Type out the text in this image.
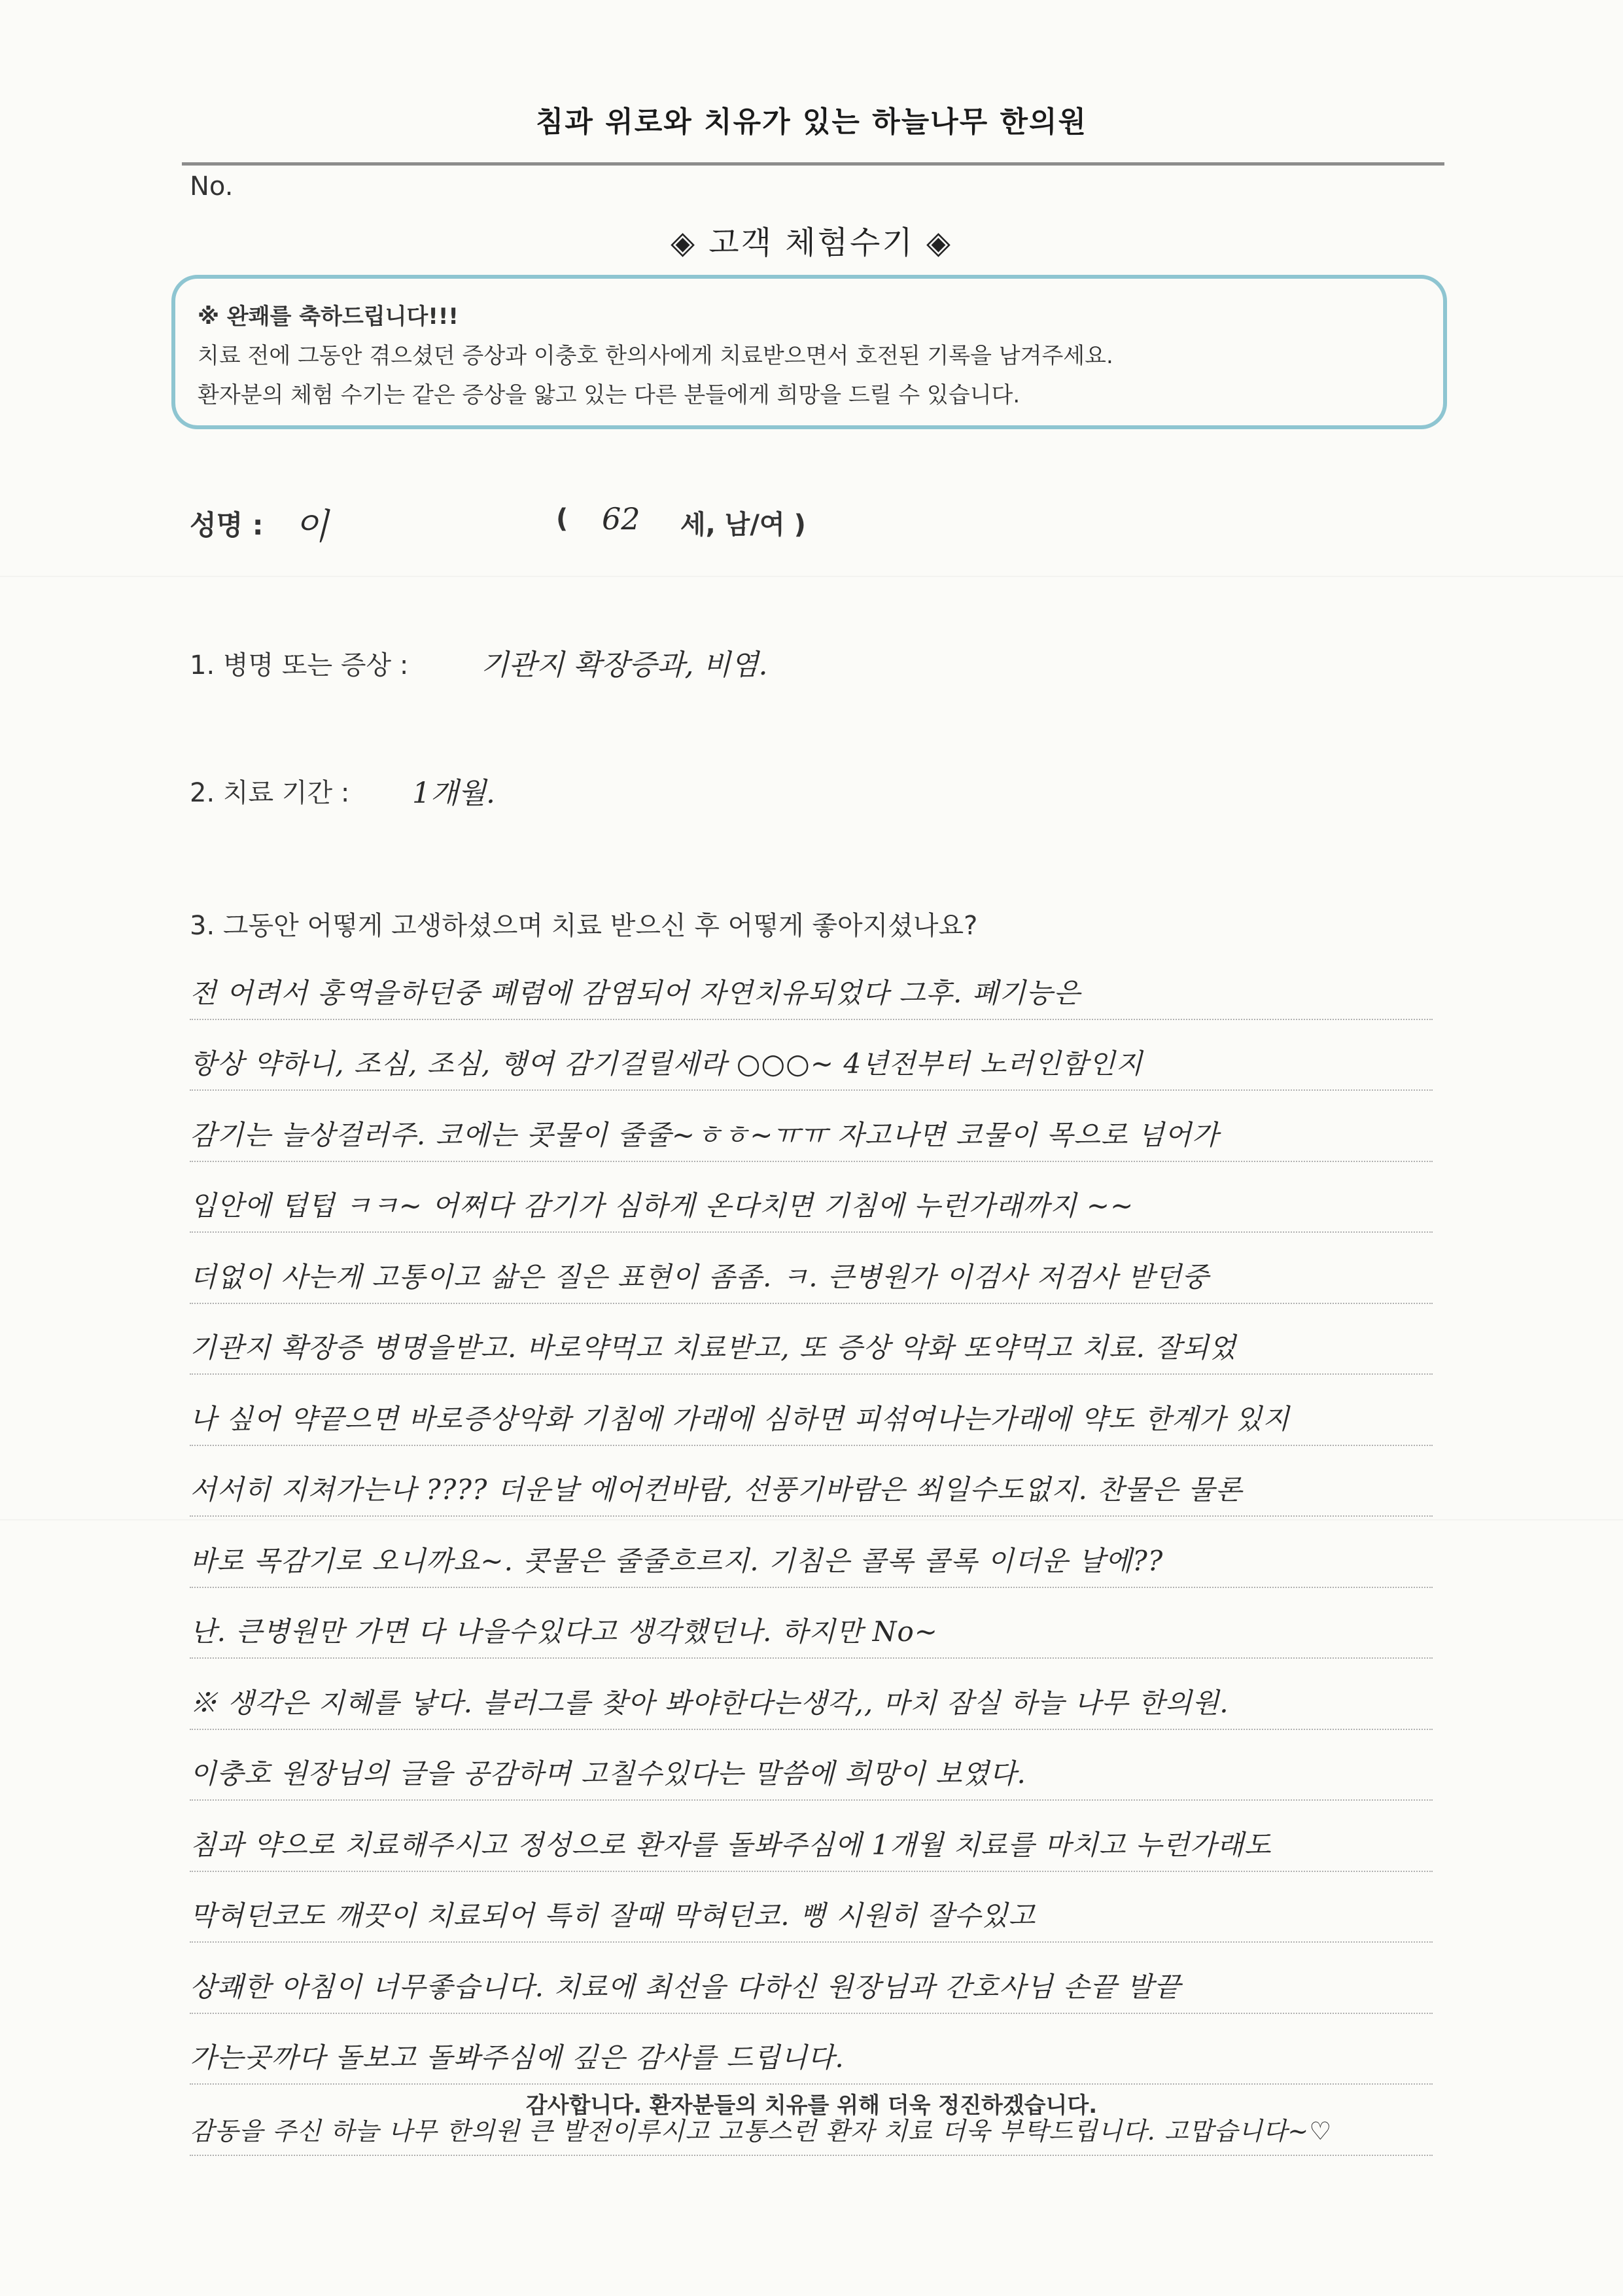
침과 위로와 치유가 있는 하늘나무 한의원
No.
◈ 고객 체험수기 ◈
※ 완쾌를 축하드립니다!!!
치료 전에 그동안 겪으셨던 증상과 이충호 한의사에게 치료받으면서 호전된 기록을 남겨주세요.
환자분의 체험 수기는 같은 증상을 앓고 있는 다른 분들에게 희망을 드릴 수 있습니다.
성명 : 이	( 62 세, 남/여 )
1. 병명 또는 증상 :	기관지 확장증과, 비염.
2. 치료 기간 : 1개월.
3. 그동안 어떻게 고생하셨으며 치료 받으신 후 어떻게 좋아지셨나요?
전 어려서 홍역을하던중 폐렴에 감염되어 자연치유되었다 그후. 폐기능은
항상 약하니, 조심, 조심, 행여 감기걸릴세라 ○○○~ 4년전부터 노러인함인지
감기는 늘상걸러주. 코에는 콧물이 줄줄~ㅎㅎ~ㅠㅠ 자고나면 코물이 목으로 넘어가
입안에 텁텁 ㅋㅋ~ 어쩌다 감기가 심하게 온다치면 기침에 누런가래까지 ~~
더없이 사는게 고통이고 삶은 질은 표현이 좀좀. ㅋ. 큰병원가 이검사 저검사 받던중
기관지 확장증 병명을받고. 바로약먹고 치료받고, 또 증상 악화 또약먹고 치료. 잘되었
나 싶어 약끝으면 바로증상악화 기침에 가래에 심하면 피섞여나는가래에 약도 한계가 있지
서서히 지쳐가는나 ???? 더운날 에어컨바람, 선풍기바람은 쐬일수도없지. 찬물은 물론
바로 목감기로 오니까요~. 콧물은 줄줄흐르지. 기침은 콜록 콜록 이더운 날에??
난. 큰병원만 가면 다 나을수있다고 생각했던나. 하지만 No~
※ 생각은 지혜를 낳다. 블러그를 찾아 봐야한다는생각,, 마치 잠실 하늘 나무 한의원.
이충호 원장님의 글을 공감하며 고칠수있다는 말씀에 희망이 보였다.
침과 약으로 치료해주시고 정성으로 환자를 돌봐주심에 1개월 치료를 마치고 누런가래도
막혀던코도 깨끗이 치료되어 특히 잘때 막혀던코. 뻥 시원히 잘수있고
상쾌한 아침이 너무좋습니다. 치료에 최선을 다하신 원장님과 간호사님 손끝 발끝
가는곳까다 돌보고 돌봐주심에 깊은 감사를 드립니다.
감동을 주신 하늘 나무 한의원 큰 발전이루시고 고통스런 환자 치료 더욱 부탁드립니다. 고맙습니다~♡
감사합니다. 환자분들의 치유를 위해 더욱 정진하겠습니다.
